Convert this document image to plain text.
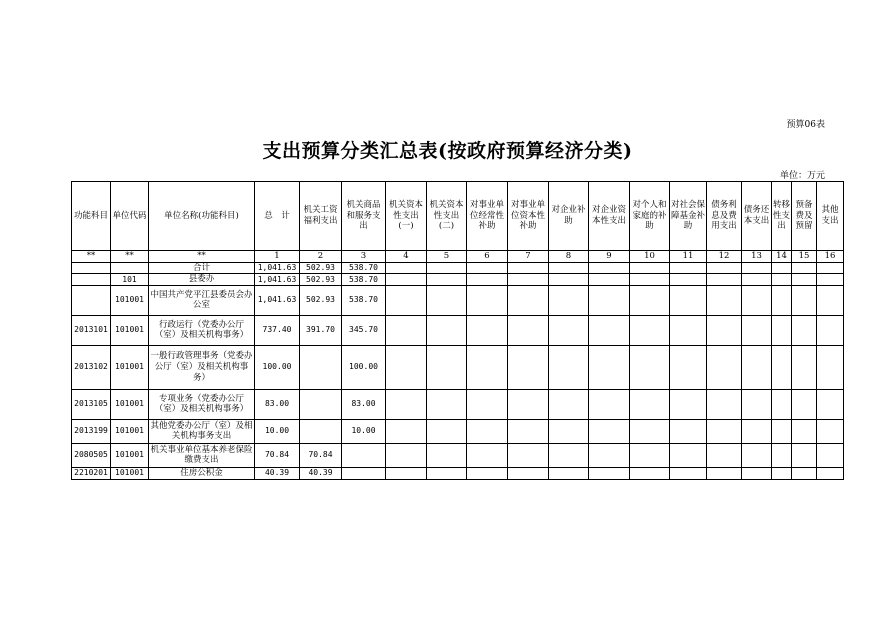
预算06表
支出预算分类汇总表(按政府预算经济分类)
单位：万元
功能科目	单位代码	单位名称(功能科目)	总　计	机关工资福利支出	机关商品和服务支出	机关资本性支出(一)	机关资本性支出(二)	对事业单位经常性补助	对事业单位资本性补助	对企业补助	对企业资本性支出	对个人和家庭的补助	对社会保障基金补助	债务利息及费用支出	债务还本支出	转移性支出	预备费及预留	其他支出
**	**	**	1	2	3	4	5	6	7	8	9	10	11	12	13	14	15	16
		合计	1,041.63	502.93	538.70													
	101	县委办	1,041.63	502.93	538.70													
	101001	中国共产党平江县委员会办公室	1,041.63	502.93	538.70													
2013101	101001	行政运行（党委办公厅（室）及相关机构事务）	737.40	391.70	345.70													
2013102	101001	一般行政管理事务（党委办公厅（室）及相关机构事务）	100.00		100.00													
2013105	101001	专项业务（党委办公厅（室）及相关机构事务）	83.00		83.00													
2013199	101001	其他党委办公厅（室）及相关机构事务支出	10.00		10.00													
2080505	101001	机关事业单位基本养老保险缴费支出	70.84	70.84														
2210201	101001	住房公积金	40.39	40.39														
